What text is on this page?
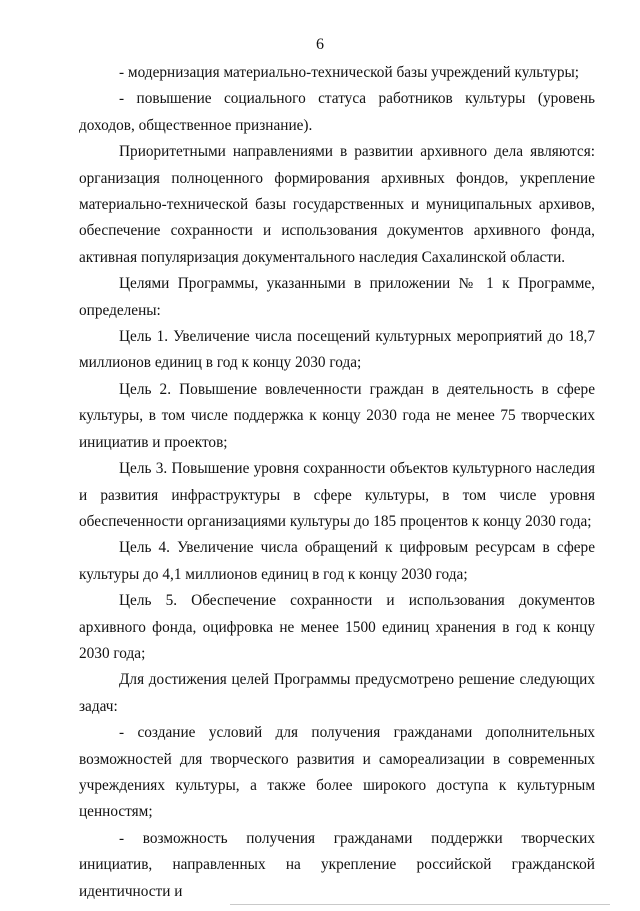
6

- модернизация материально-технической базы учреждений культуры;

- повышение социального статуса работников культуры (уровень доходов, общественное признание).

Приоритетными направлениями в развитии архивного дела являются: организация полноценного формирования архивных фондов, укрепление материально-технической базы государственных и муниципальных архивов, обеспечение сохранности и использования документов архивного фонда, активная популяризация документального наследия Сахалинской области.

Целями Программы, указанными в приложении № 1 к Программе, определены:

Цель 1. Увеличение числа посещений культурных мероприятий до 18,7 миллионов единиц в год к концу 2030 года;

Цель 2. Повышение вовлеченности граждан в деятельность в сфере культуры, в том числе поддержка к концу 2030 года не менее 75 творческих инициатив и проектов;

Цель 3. Повышение уровня сохранности объектов культурного наследия и развития инфраструктуры в сфере культуры, в том числе уровня обеспеченности организациями культуры до 185 процентов к концу 2030 года;

Цель 4. Увеличение числа обращений к цифровым ресурсам в сфере культуры до 4,1 миллионов единиц в год к концу 2030 года;

Цель 5. Обеспечение сохранности и использования документов архивного фонда, оцифровка не менее 1500 единиц хранения в год к концу 2030 года;

Для достижения целей Программы предусмотрено решение следующих задач:

- создание условий для получения гражданами дополнительных возможностей для творческого развития и самореализации в современных учреждениях культуры, а также более широкого доступа к культурным ценностям;

- возможность получения гражданами поддержки творческих инициатив, направленных на укрепление российской гражданской идентичности и
